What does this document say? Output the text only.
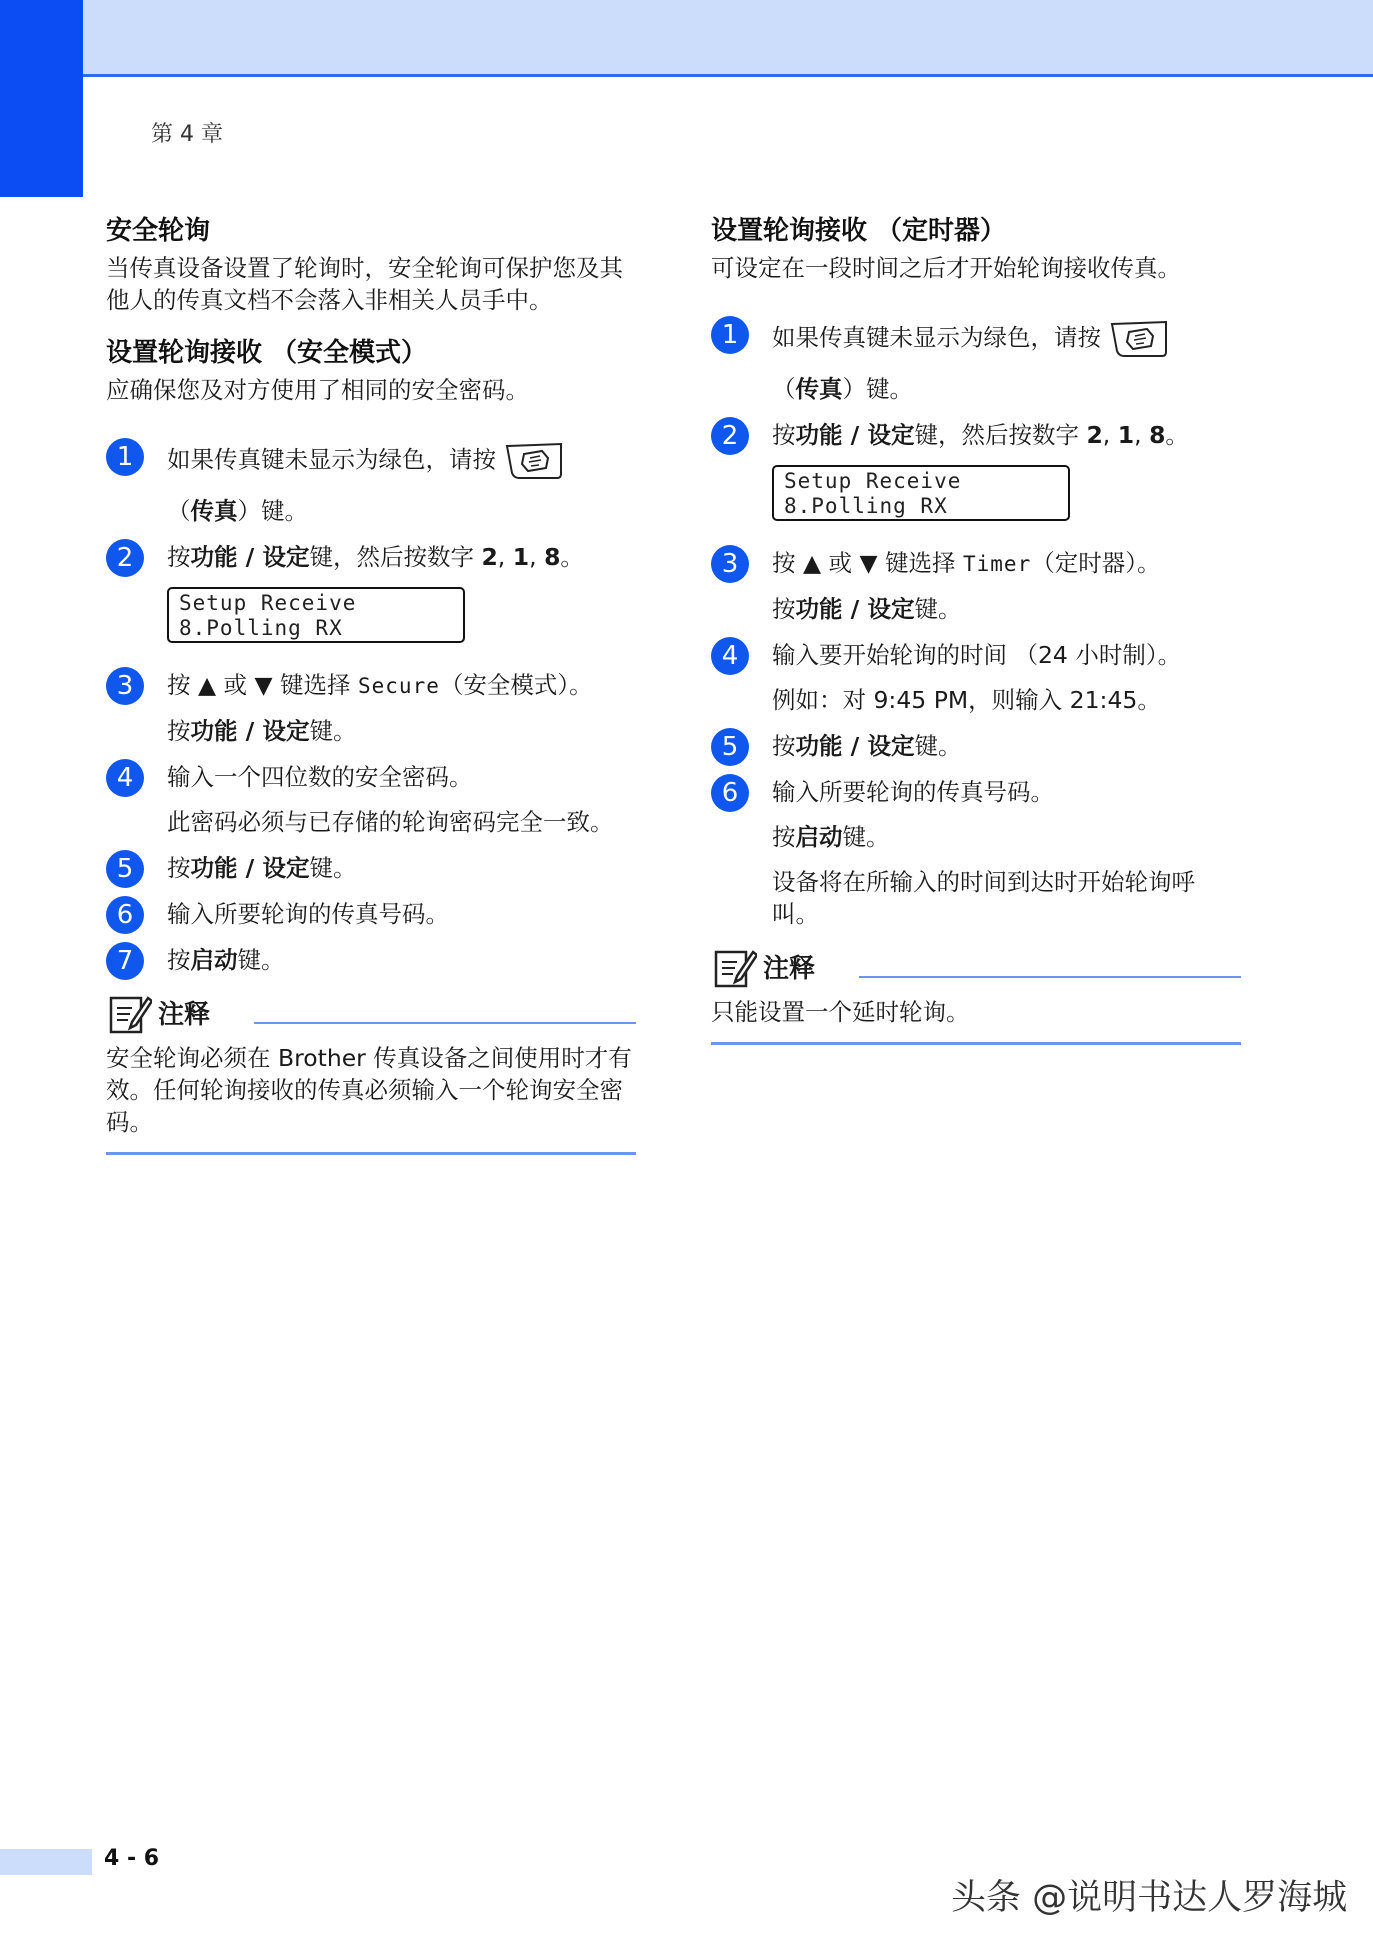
第 4 章
安全轮询

当传真设备设置了轮询时，安全轮询可保护您及其他人的传真文档不会落入非相关人员手中。

设置轮询接收 （安全模式）

应确保您及对方使用了相同的安全密码。

1	如果传真键未显示为绿色，请按

（传真）键。

2	按功能 / 设定键，然后按数字 2, 1, 8。

Setup Receive
8.Polling RX
3	按 ▲ 或 ▼ 键选择 Secure（安全模式）。

按功能 / 设定键。

4	输入一个四位数的安全密码。

此密码必须与已存储的轮询密码完全一致。

5	按功能 / 设定键。

6	输入所要轮询的传真号码。

7	按启动键。

注释

安全轮询必须在 Brother 传真设备之间使用时才有效。任何轮询接收的传真必须输入一个轮询安全密码。

设置轮询接收 （定时器）

可设定在一段时间之后才开始轮询接收传真。

1	如果传真键未显示为绿色，请按

（传真）键。

2	按功能 / 设定键，然后按数字 2, 1, 8。

Setup Receive
8.Polling RX
3	按 ▲ 或 ▼ 键选择 Timer（定时器）。

按功能 / 设定键。

4	输入要开始轮询的时间 （24 小时制）。

例如：对 9:45 PM，则输入 21:45。

5	按功能 / 设定键。

6	输入所要轮询的传真号码。

按启动键。

设备将在所输入的时间到达时开始轮询呼叫。

注释

只能设置一个延时轮询。

4 - 6
头条 @说明书达人罗海城
